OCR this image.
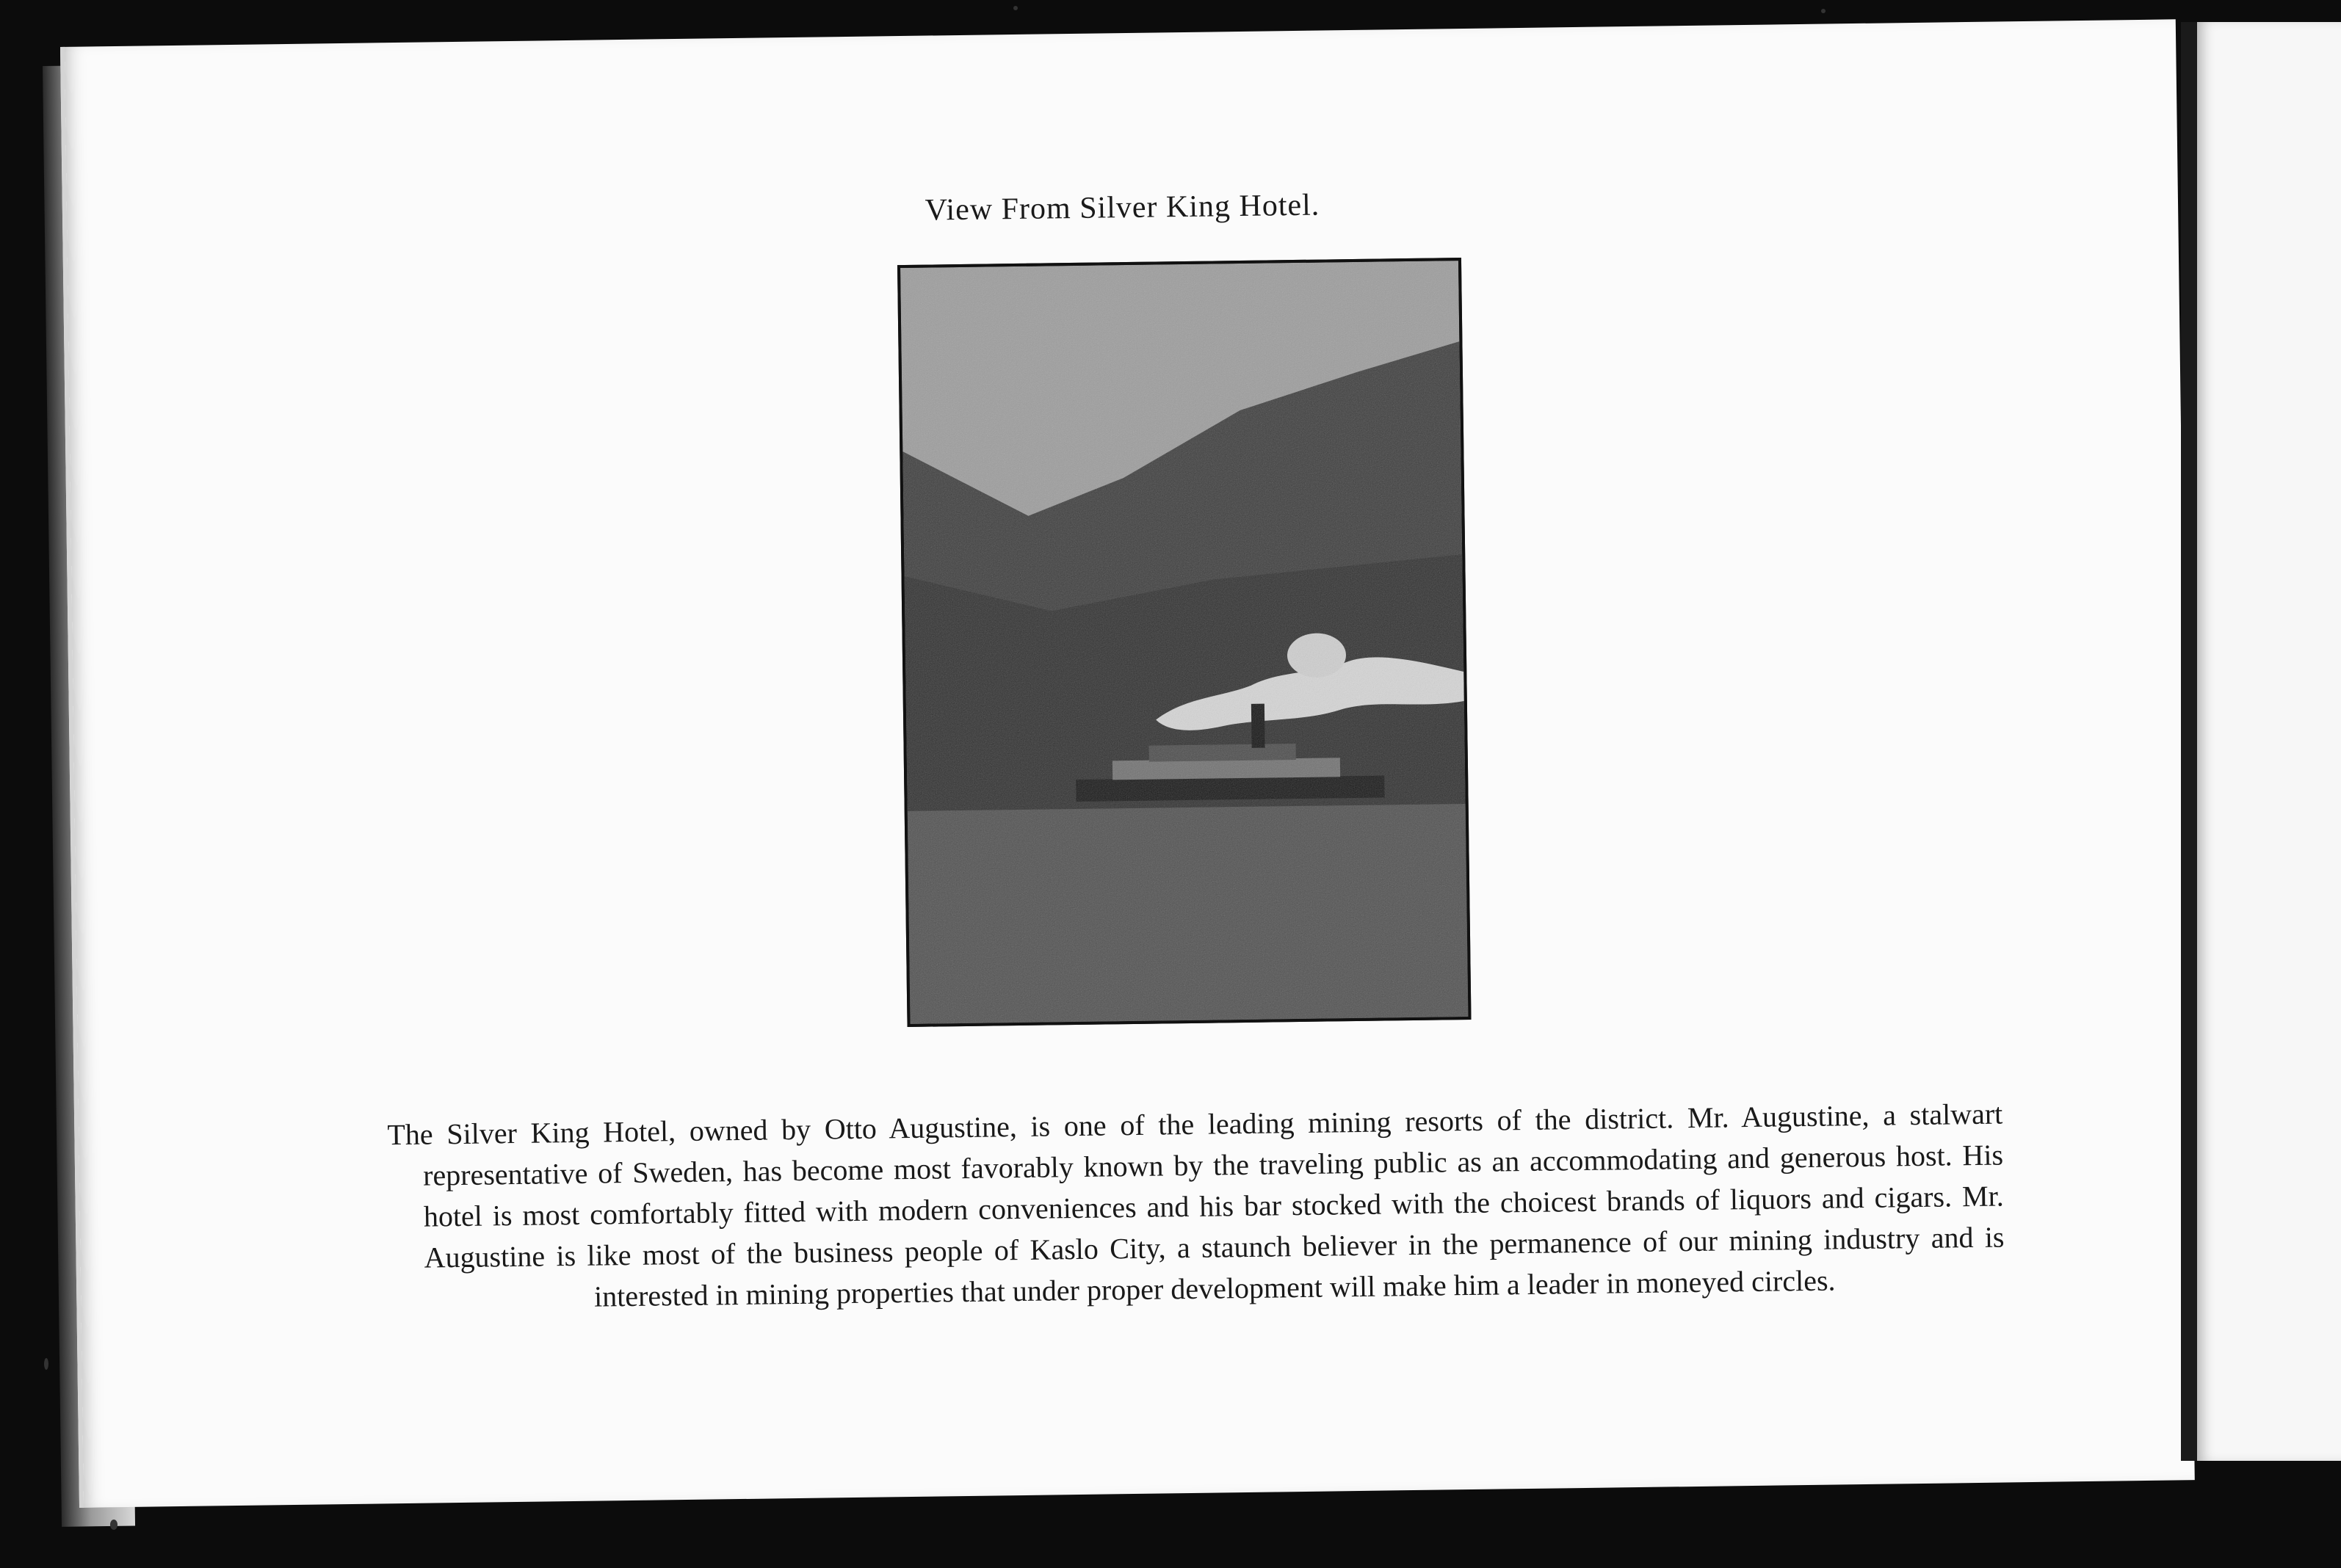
View From Silver King Hotel.

The Silver King Hotel, owned by Otto Augustine, is one of the leading mining resorts of the district. Mr. Augustine, a stalwart representative of Sweden, has become most favorably known by the traveling public as an accommodating and generous host. His hotel is most comfortably fitted with modern conveniences and his bar stocked with the choicest brands of liquors and cigars. Mr. Augustine is like most of the business people of Kaslo City, a staunch believer in the permanence of our mining industry and is interested in mining properties that under proper development will make him a leader in moneyed circles.
